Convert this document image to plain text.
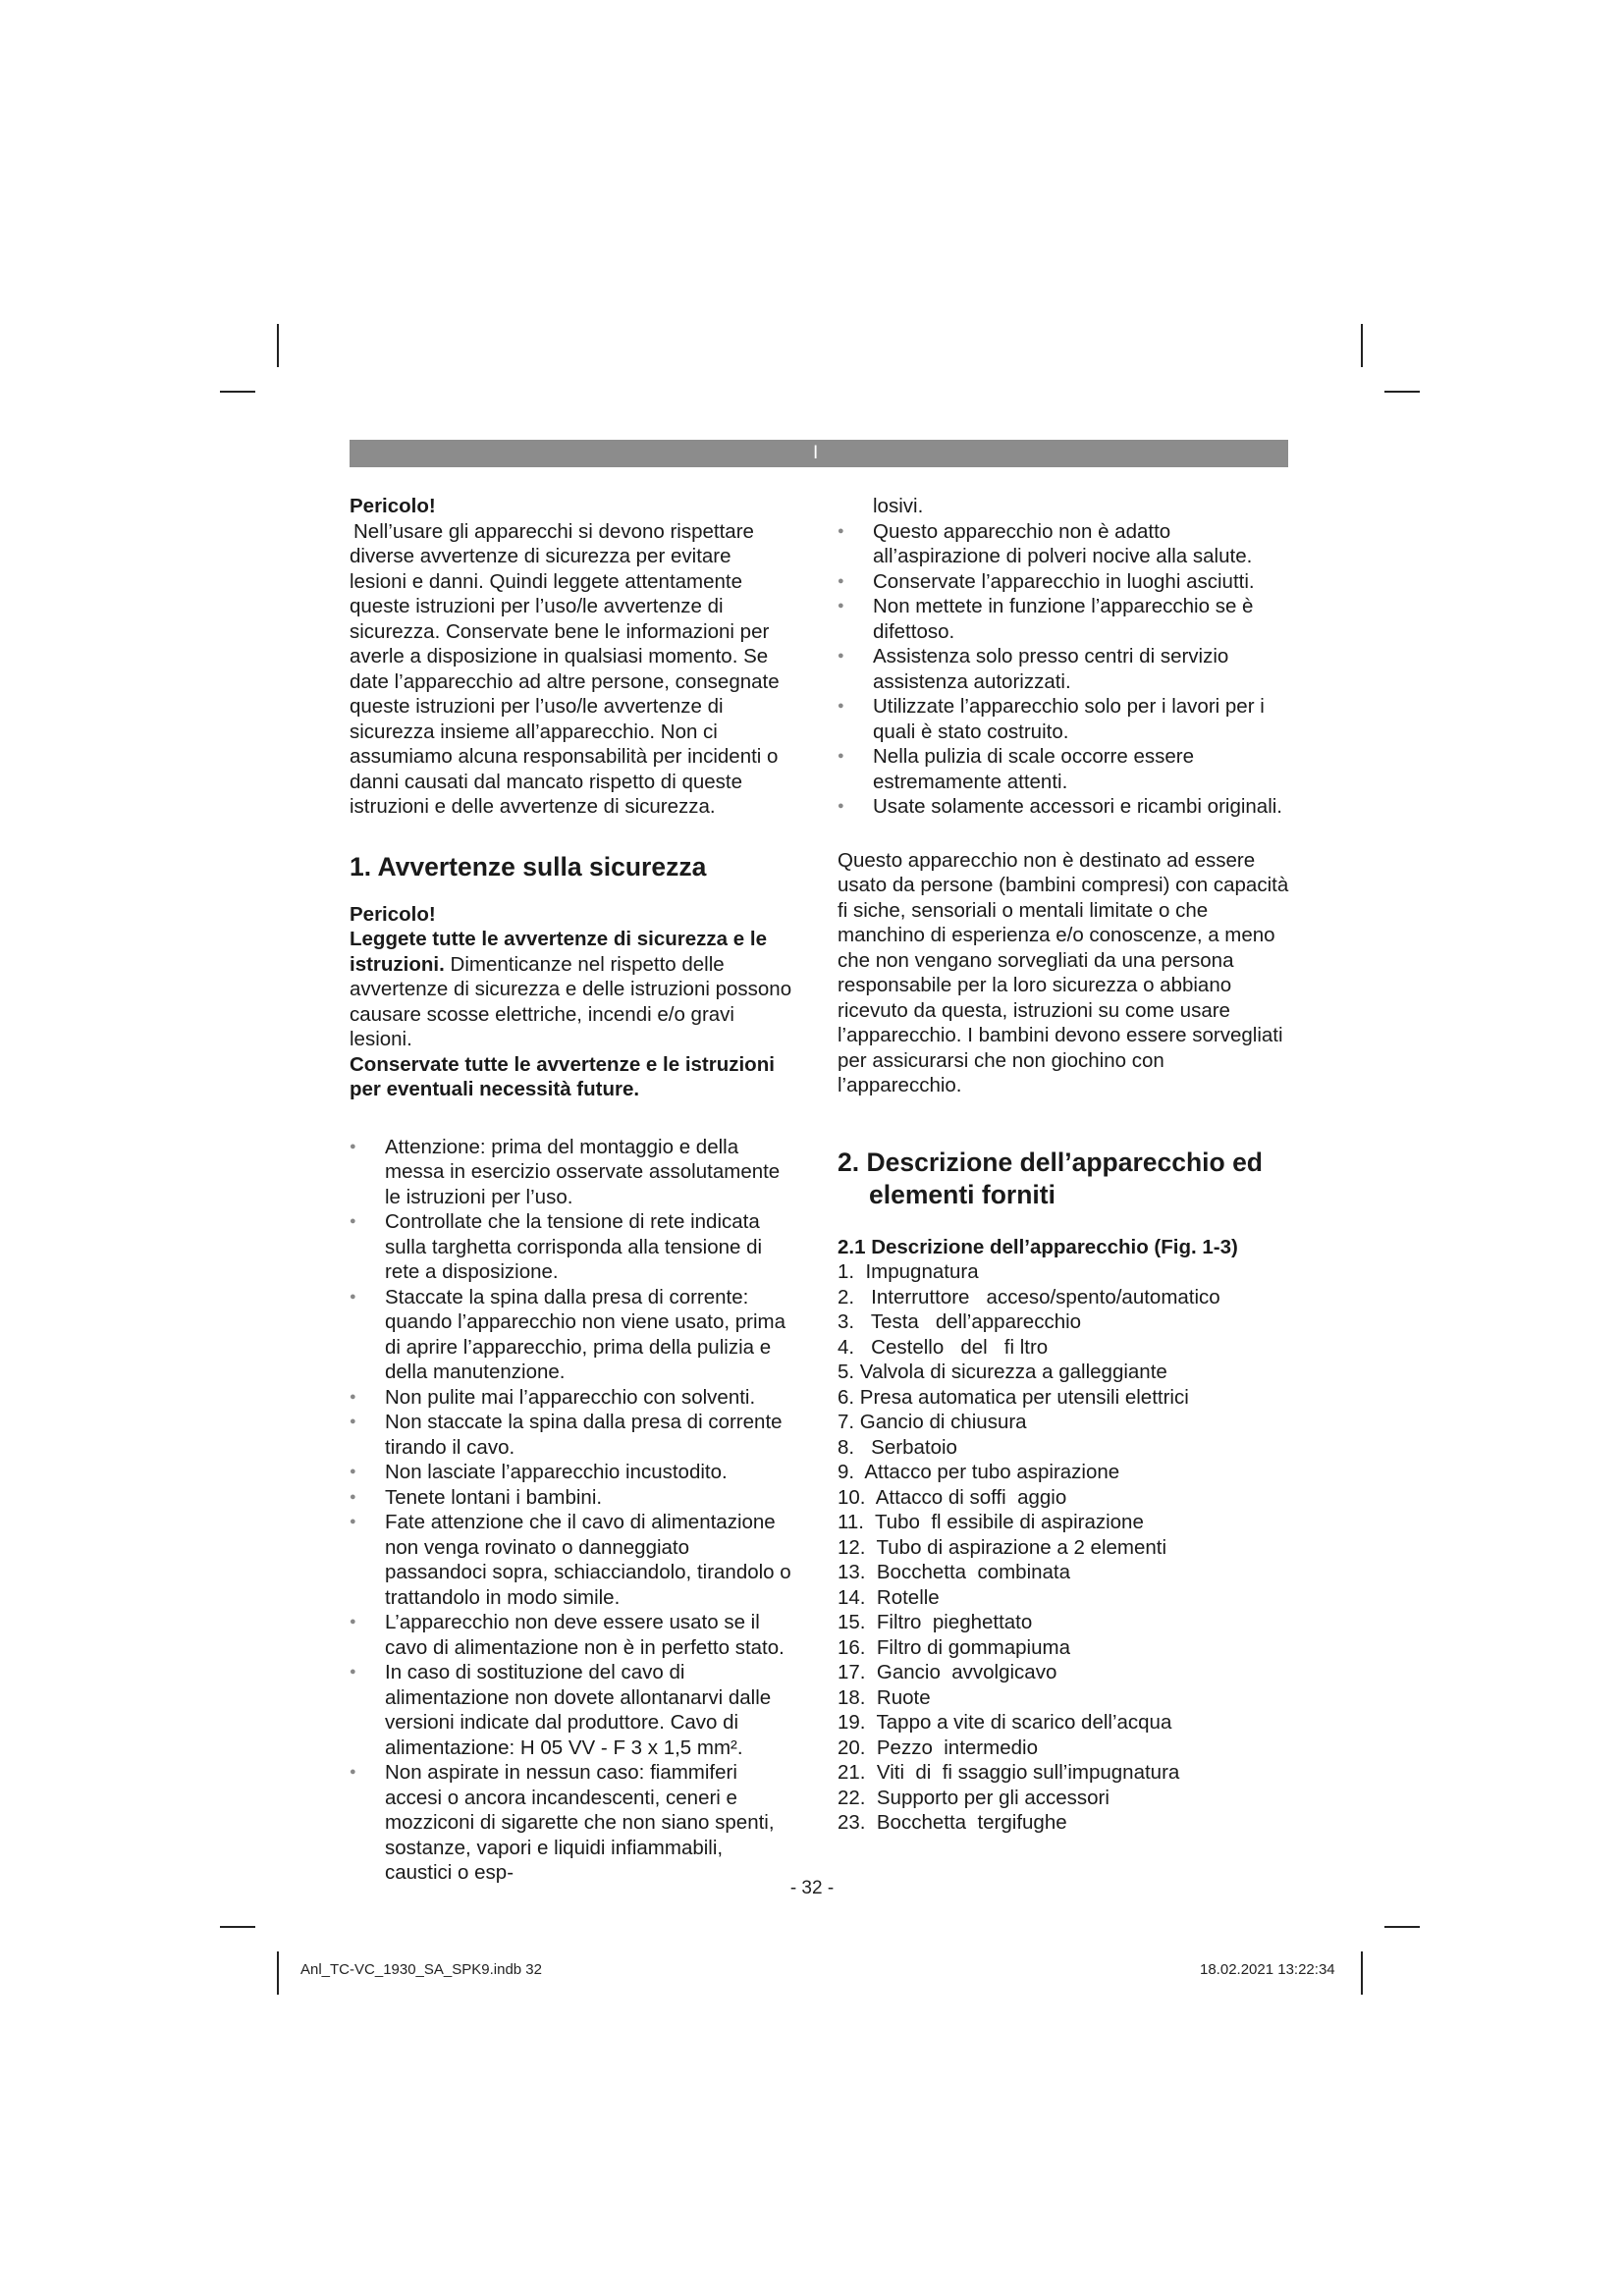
I

Pericolo!

Nell’usare gli apparecchi si devono rispettare diverse avvertenze di sicurezza per evitare lesioni e danni. Quindi leggete attentamente queste istruzioni per l’uso/le avvertenze di sicurezza. Conservate bene le informazioni per averle a disposizione in qualsiasi momento. Se date l’apparecchio ad altre persone, consegnate queste istruzioni per l’uso/le avvertenze di sicurezza insieme all’apparecchio. Non ci assumiamo alcuna responsabilità per incidenti o danni causati dal mancato rispetto di queste istruzioni e delle avvertenze di sicurezza.

1. Avvertenze sulla sicurezza

Pericolo!

Leggete tutte le avvertenze di sicurezza e le istruzioni. Dimenticanze nel rispetto delle avvertenze di sicurezza e delle istruzioni possono causare scosse elettriche, incendi e/o gravi lesioni.

Conservate tutte le avvertenze e le istruzioni per eventuali necessità future.

● Attenzione: prima del montaggio e della messa in esercizio osservate assolutamente le istruzioni per l’uso.
● Controllate che la tensione di rete indicata sulla targhetta corrisponda alla tensione di rete a disposizione.
● Staccate la spina dalla presa di corrente: quando l’apparecchio non viene usato, prima di aprire l’apparecchio, prima della pulizia e della manutenzione.
● Non pulite mai l’apparecchio con solventi.
● Non staccate la spina dalla presa di corrente tirando il cavo.
● Non lasciate l’apparecchio incustodito.
● Tenete lontani i bambini.
● Fate attenzione che il cavo di alimentazione non venga rovinato o danneggiato passandoci sopra, schiacciandolo, tirandolo o trattandolo in modo simile.
● L’apparecchio non deve essere usato se il cavo di alimentazione non è in perfetto stato.
● In caso di sostituzione del cavo di alimentazione non dovete allontanarvi dalle versioni indicate dal produttore. Cavo di alimentazione: H 05 VV - F 3 x 1,5 mm².
● Non aspirate in nessun caso: fiammiferi accesi o ancora incandescenti, ceneri e mozziconi di sigarette che non siano spenti, sostanze, vapori e liquidi infiammabili, caustici o esp-

losivi.

● Questo apparecchio non è adatto all’aspirazione di polveri nocive alla salute.
● Conservate l’apparecchio in luoghi asciutti.
● Non mettete in funzione l’apparecchio se è difettoso.
● Assistenza solo presso centri di servizio assistenza autorizzati.
● Utilizzate l’apparecchio solo per i lavori per i quali è stato costruito.
● Nella pulizia di scale occorre essere estremamente attenti.
● Usate solamente accessori e ricambi originali.

Questo apparecchio non è destinato ad essere usato da persone (bambini compresi) con capacità fi siche, sensoriali o mentali limitate o che manchino di esperienza e/o conoscenze, a meno che non vengano sorvegliati da una persona responsabile per la loro sicurezza o abbiano ricevuto da questa, istruzioni su come usare l’apparecchio. I bambini devono essere sorvegliati per assicurarsi che non giochino con l’apparecchio.

2. Descrizione dell’apparecchio ed elementi forniti
2.1 Descrizione dell’apparecchio (Fig. 1-3)
1.  Impugnatura
2.   Interruttore   acceso/spento/automatico
3.   Testa   dell’apparecchio
4.   Cestello   del   fi ltro
5. Valvola di sicurezza a galleggiante
6. Presa automatica per utensili elettrici
7. Gancio di chiusura
8.   Serbatoio
9.  Attacco per tubo aspirazione
10.  Attacco di soffi  aggio
11.  Tubo  fl essibile di aspirazione
12.  Tubo di aspirazione a 2 elementi
13.  Bocchetta  combinata
14.  Rotelle
15.  Filtro  pieghettato
16.  Filtro di gommapiuma
17.  Gancio  avvolgicavo
18.  Ruote
19.  Tappo a vite di scarico dell’acqua
20.  Pezzo  intermedio
21.  Viti  di  fi ssaggio sull’impugnatura
22.  Supporto per gli accessori
23.  Bocchetta  tergifughe
- 32 -
Anl_TC-VC_1930_SA_SPK9.indb 32	18.02.2021 13:22:34
